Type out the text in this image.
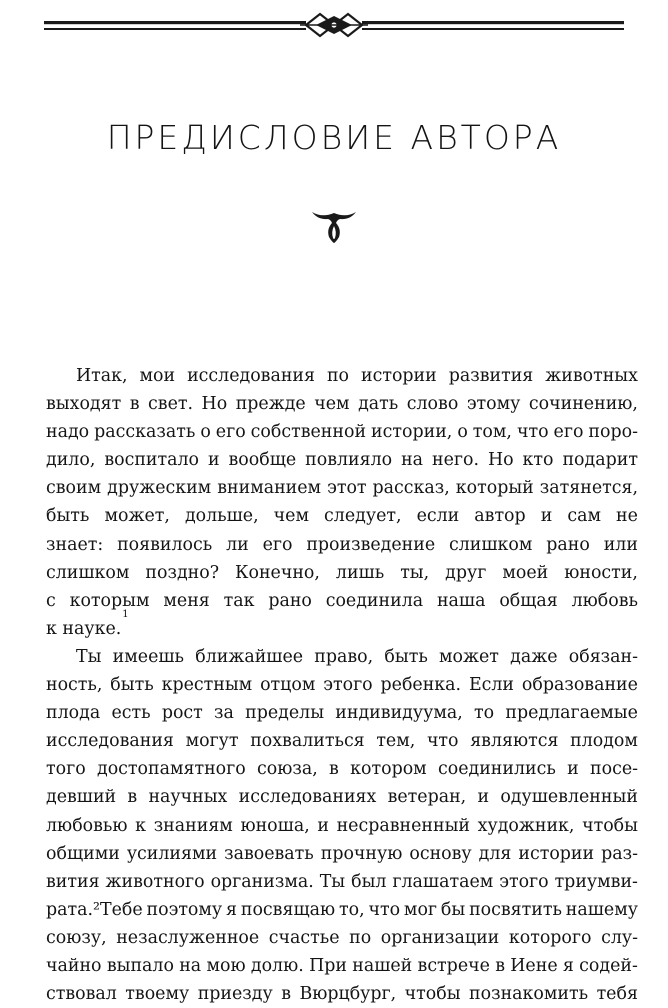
ПРЕДИСЛОВИЕ АВТОРА
Итак, мои исследования по истории развития животных
выходят в свет. Но прежде чем дать слово этому сочинению,
надо рассказать о его собственной истории, о том, что его поро-
дило, воспитало и вообще повлияло на него. Но кто подарит
своим дружеским вниманием этот рассказ, который затянется,
быть может, дольше, чем следует, если автор и сам не
знает: появилось ли его произведение слишком рано или
слишком поздно? Конечно, лишь ты, друг моей юности,
с которым меня так рано соединила наша общая любовь
к науке.
1
Ты имеешь ближайшее право, быть может даже обязан-
ность, быть крестным отцом этого ребенка. Если образование
плода есть рост за пределы индивидуума, то предлагаемые
исследования могут похвалиться тем, что являются плодом
того достопамятного союза, в котором соединились и посе-
девший в научных исследованиях ветеран, и одушевленный
любовью к знаниям юноша, и несравненный художник, чтобы
общими усилиями завоевать прочную основу для истории раз-
вития животного организма. Ты был глашатаем этого триумви-
рата.²Тебе поэтому я посвящаю то, что мог бы посвятить нашему
союзу, незаслуженное счастье по организации которого слу-
чайно выпало на мою долю. При нашей встрече в Иене я содей-
ствовал твоему приезду в Вюрцбург, чтобы познакомить тебя
